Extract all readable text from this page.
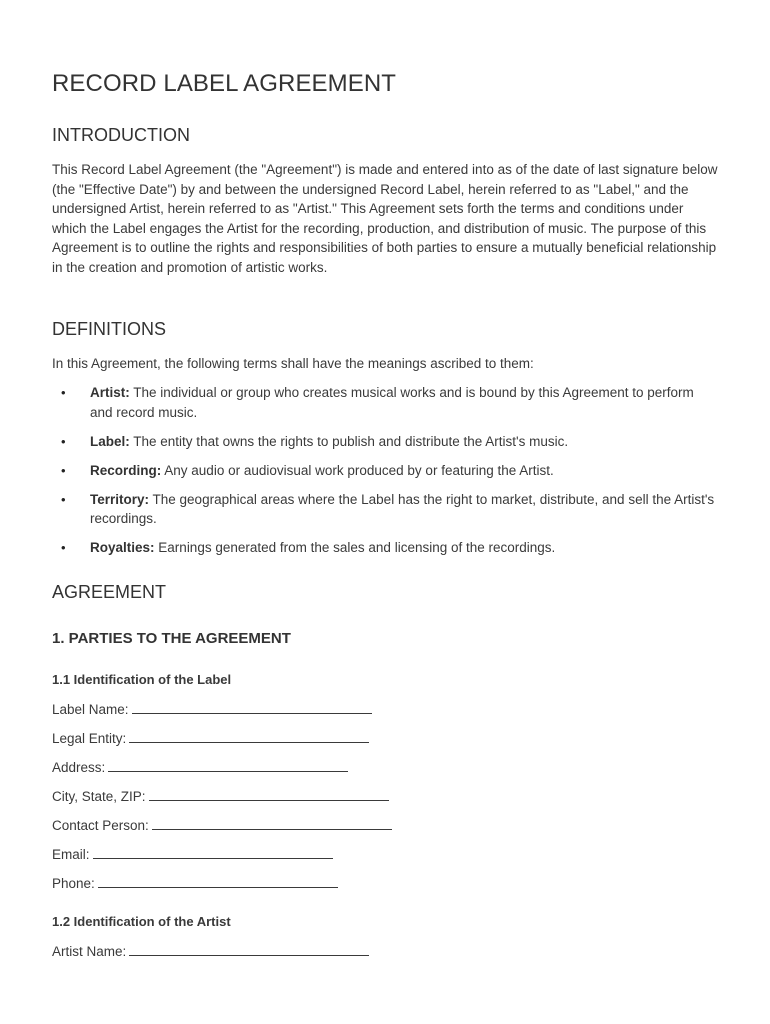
RECORD LABEL AGREEMENT
INTRODUCTION

This Record Label Agreement (the "Agreement") is made and entered into as of the date of last signature below (the "Effective Date") by and between the undersigned Record Label, herein referred to as "Label," and the undersigned Artist, herein referred to as "Artist." This Agreement sets forth the terms and conditions under which the Label engages the Artist for the recording, production, and distribution of music. The purpose of this Agreement is to outline the rights and responsibilities of both parties to ensure a mutually beneficial relationship in the creation and promotion of artistic works.

DEFINITIONS

In this Agreement, the following terms shall have the meanings ascribed to them:

• Artist: The individual or group who creates musical works and is bound by this Agreement to perform and record music.
• Label: The entity that owns the rights to publish and distribute the Artist's music.
• Recording: Any audio or audiovisual work produced by or featuring the Artist.
• Territory: The geographical areas where the Label has the right to market, distribute, and sell the Artist's recordings.
• Royalties: Earnings generated from the sales and licensing of the recordings.
AGREEMENT
1. PARTIES TO THE AGREEMENT
1.1 Identification of the Label
Label Name:
Legal Entity:
Address:
City, State, ZIP:
Contact Person:
Email:
Phone:
1.2 Identification of the Artist
Artist Name:
